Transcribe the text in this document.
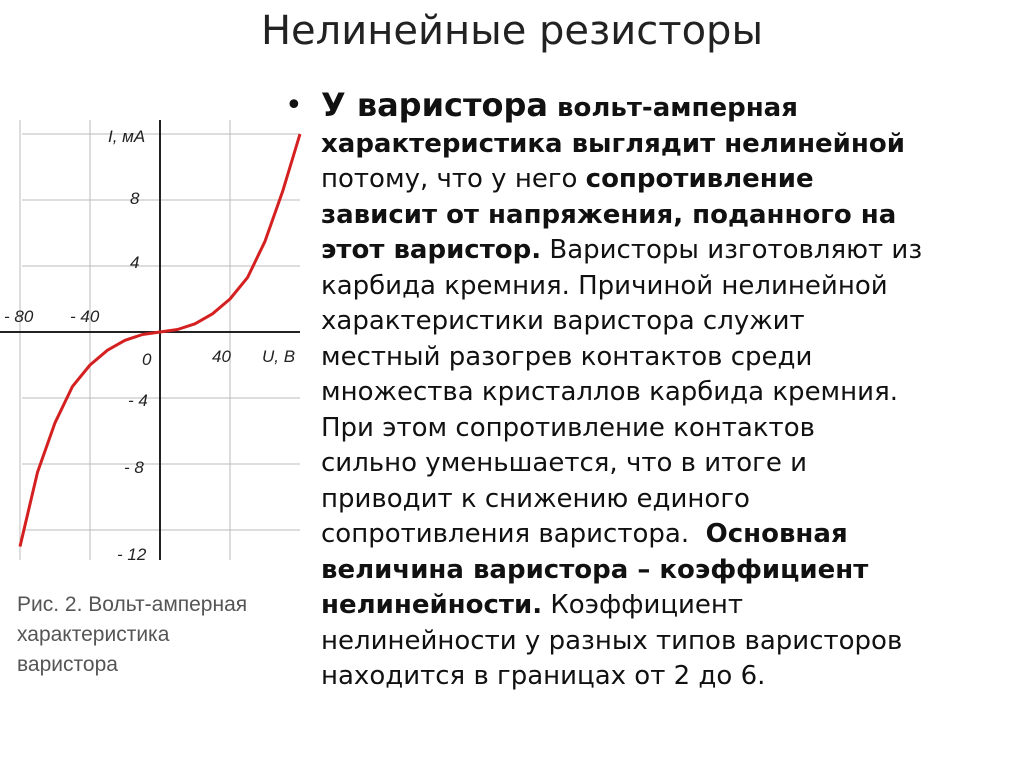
Нелинейные резисторы
I, мА
U, В
0
8
4
- 4
- 8
- 12
- 80 - 40
40
Рис. 2. Вольт-амперная
характеристика
варистора
• У варистора вольт-амперная
характеристика выглядит нелинейной
потому, что у него сопротивление
зависит от напряжения, поданного на
этот варистор. Варисторы изготовляют из
карбида кремния. Причиной нелинейной
характеристики варистора служит
местный разогрев контактов среди
множества кристаллов карбида кремния.
При этом сопротивление контактов
сильно уменьшается, что в итоге и
приводит к снижению единого
сопротивления варистора.  Основная
величина варистора – коэффициент
нелинейности. Коэффициент
нелинейности у разных типов варисторов
находится в границах от 2 до 6.
